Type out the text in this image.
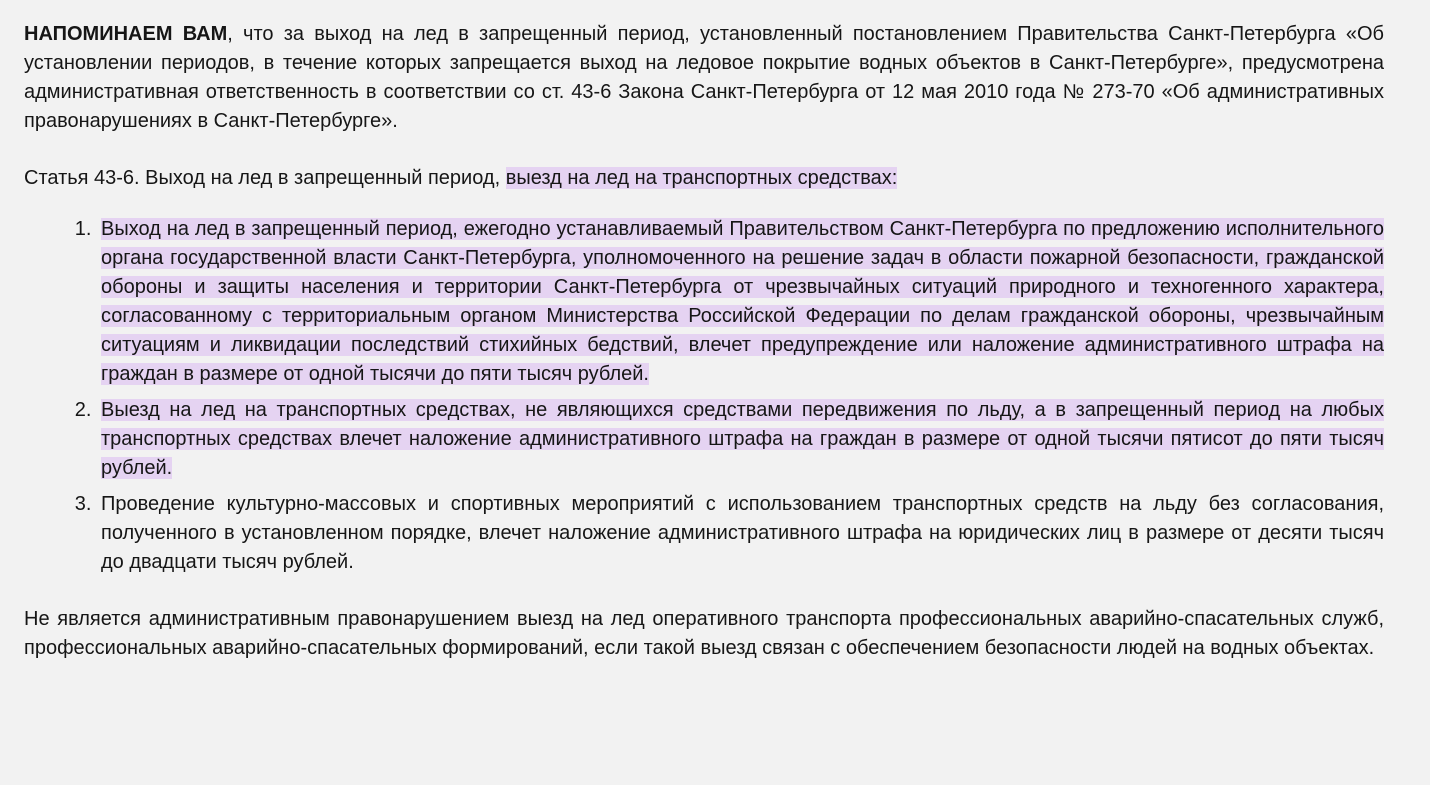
НАПОМИНАЕМ ВАМ, что за выход на лед в запрещенный период, установленный постановлением Правительства Санкт-Петербурга «Об установлении периодов, в течение которых запрещается выход на ледовое покрытие водных объектов в Санкт-Петербурге», предусмотрена административная ответственность в соответствии со ст. 43-6 Закона Санкт-Петербурга от 12 мая 2010 года № 273-70 «Об административных правонарушениях в Санкт-Петербурге».

Статья 43-6. Выход на лед в запрещенный период, выезд на лед на транспортных средствах:

1. Выход на лед в запрещенный период, ежегодно устанавливаемый Правительством Санкт-Петербурга по предложению исполнительного органа государственной власти Санкт-Петербурга, уполномоченного на решение задач в области пожарной безопасности, гражданской обороны и защиты населения и территории Санкт-Петербурга от чрезвычайных ситуаций природного и техногенного характера, согласованному с территориальным органом Министерства Российской Федерации по делам гражданской обороны, чрезвычайным ситуациям и ликвидации последствий стихийных бедствий, влечет предупреждение или наложение административного штрафа на граждан в размере от одной тысячи до пяти тысяч рублей.
2. Выезд на лед на транспортных средствах, не являющихся средствами передвижения по льду, а в запрещенный период на любых транспортных средствах влечет наложение административного штрафа на граждан в размере от одной тысячи пятисот до пяти тысяч рублей.
3. Проведение культурно-массовых и спортивных мероприятий с использованием транспортных средств на льду без согласования, полученного в установленном порядке, влечет наложение административного штрафа на юридических лиц в размере от десяти тысяч до двадцати тысяч рублей.

Не является административным правонарушением выезд на лед оперативного транспорта профессиональных аварийно-спасательных служб, профессиональных аварийно-спасательных формирований, если такой выезд связан с обеспечением безопасности людей на водных объектах.
